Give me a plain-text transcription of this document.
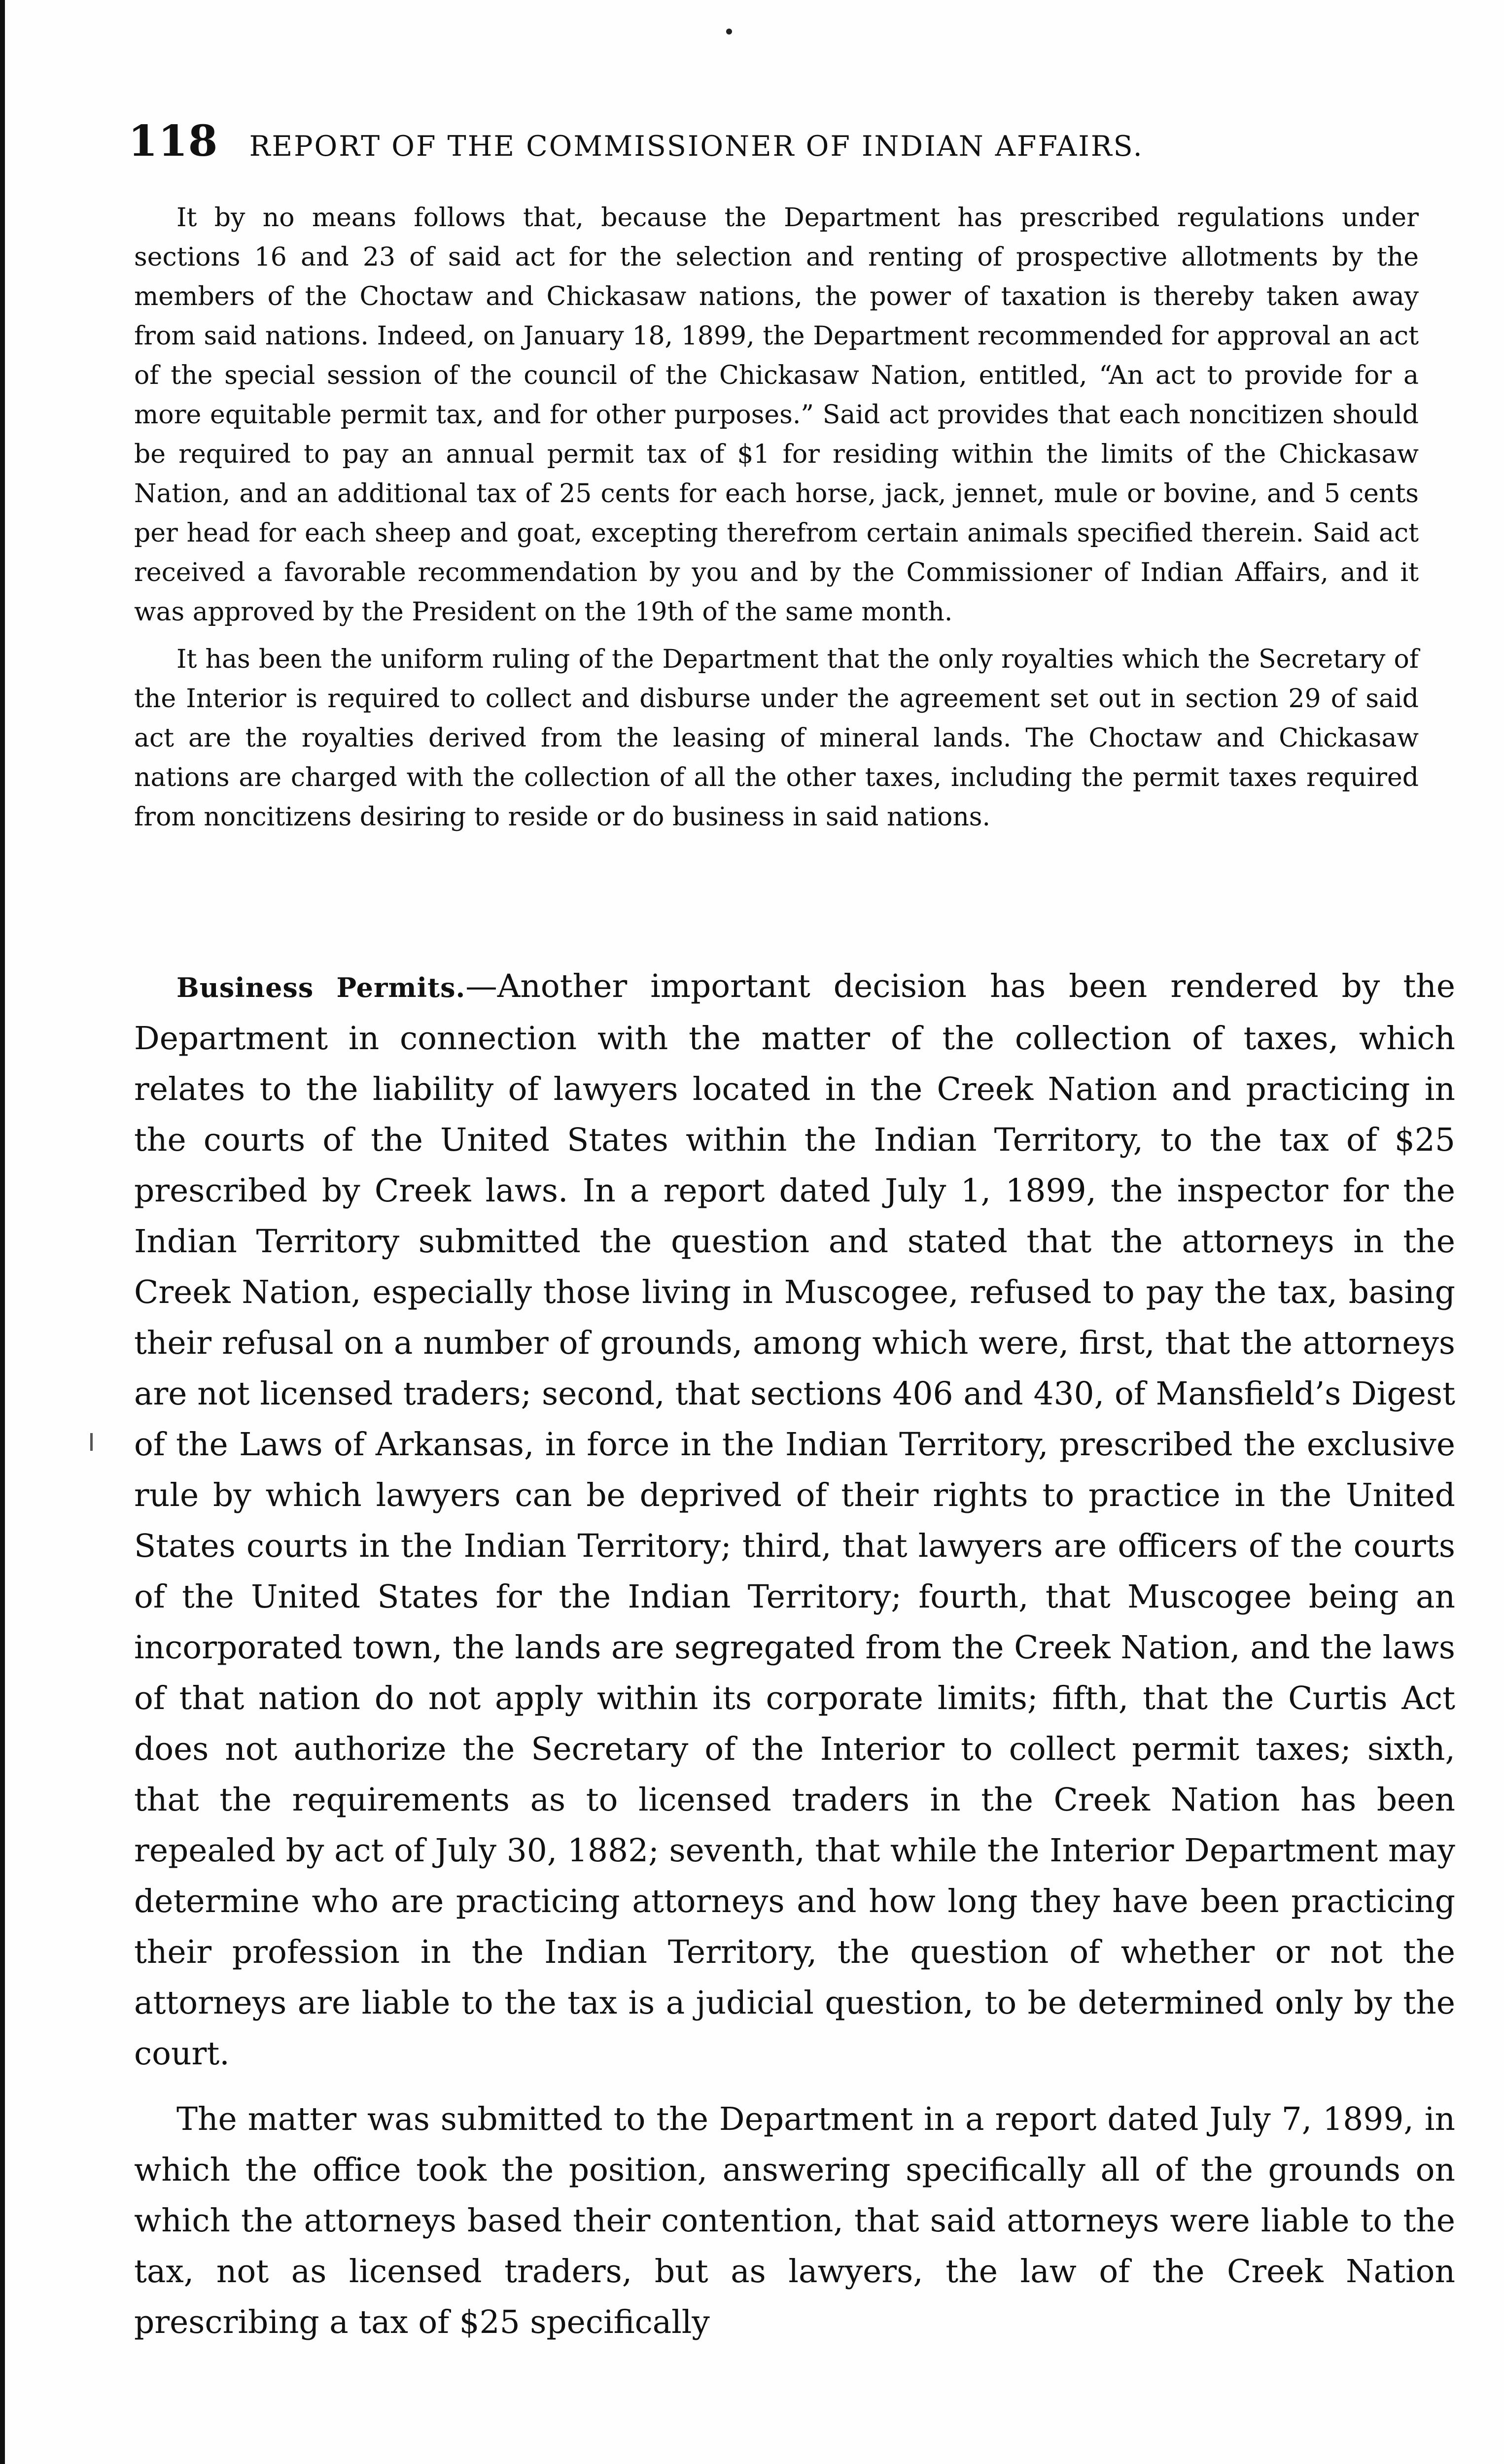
118 REPORT OF THE COMMISSIONER OF INDIAN AFFAIRS.

It by no means follows that, because the Department has prescribed regulations under sections 16 and 23 of said act for the selection and renting of prospective allotments by the members of the Choctaw and Chickasaw nations, the power of taxation is thereby taken away from said nations. Indeed, on January 18, 1899, the Department recommended for approval an act of the special session of the council of the Chickasaw Nation, entitled, “An act to provide for a more equitable permit tax, and for other purposes.” Said act provides that each noncitizen should be required to pay an annual permit tax of $1 for residing within the limits of the Chickasaw Nation, and an additional tax of 25 cents for each horse, jack, jennet, mule or bovine, and 5 cents per head for each sheep and goat, excepting therefrom certain animals specified therein. Said act received a favorable recommendation by you and by the Commissioner of Indian Affairs, and it was approved by the President on the 19th of the same month.

It has been the uniform ruling of the Department that the only royalties which the Secretary of the Interior is required to collect and disburse under the agreement set out in section 29 of said act are the royalties derived from the leasing of mineral lands. The Choctaw and Chickasaw nations are charged with the collection of all the other taxes, including the permit taxes required from noncitizens desiring to reside or do business in said nations.

Business Permits.—Another important decision has been rendered by the Department in connection with the matter of the collection of taxes, which relates to the liability of lawyers located in the Creek Nation and practicing in the courts of the United States within the Indian Territory, to the tax of $25 prescribed by Creek laws. In a report dated July 1, 1899, the inspector for the Indian Territory submitted the question and stated that the attorneys in the Creek Nation, especially those living in Muscogee, refused to pay the tax, basing their refusal on a number of grounds, among which were, first, that the attorneys are not licensed traders; second, that sections 406 and 430, of Mansfield’s Digest of the Laws of Arkansas, in force in the Indian Territory, prescribed the exclusive rule by which lawyers can be deprived of their rights to practice in the United States courts in the Indian Territory; third, that lawyers are officers of the courts of the United States for the Indian Territory; fourth, that Muscogee being an incorporated town, the lands are segregated from the Creek Nation, and the laws of that nation do not apply within its corporate limits; fifth, that the Curtis Act does not authorize the Secretary of the Interior to collect permit taxes; sixth, that the requirements as to licensed traders in the Creek Nation has been repealed by act of July 30, 1882; seventh, that while the Interior Department may determine who are practicing attorneys and how long they have been practicing their profession in the Indian Territory, the question of whether or not the attorneys are liable to the tax is a judicial question, to be determined only by the court.

The matter was submitted to the Department in a report dated July 7, 1899, in which the office took the position, answering specifically all of the grounds on which the attorneys based their contention, that said attorneys were liable to the tax, not as licensed traders, but as lawyers, the law of the Creek Nation prescribing a tax of $25 specifically
